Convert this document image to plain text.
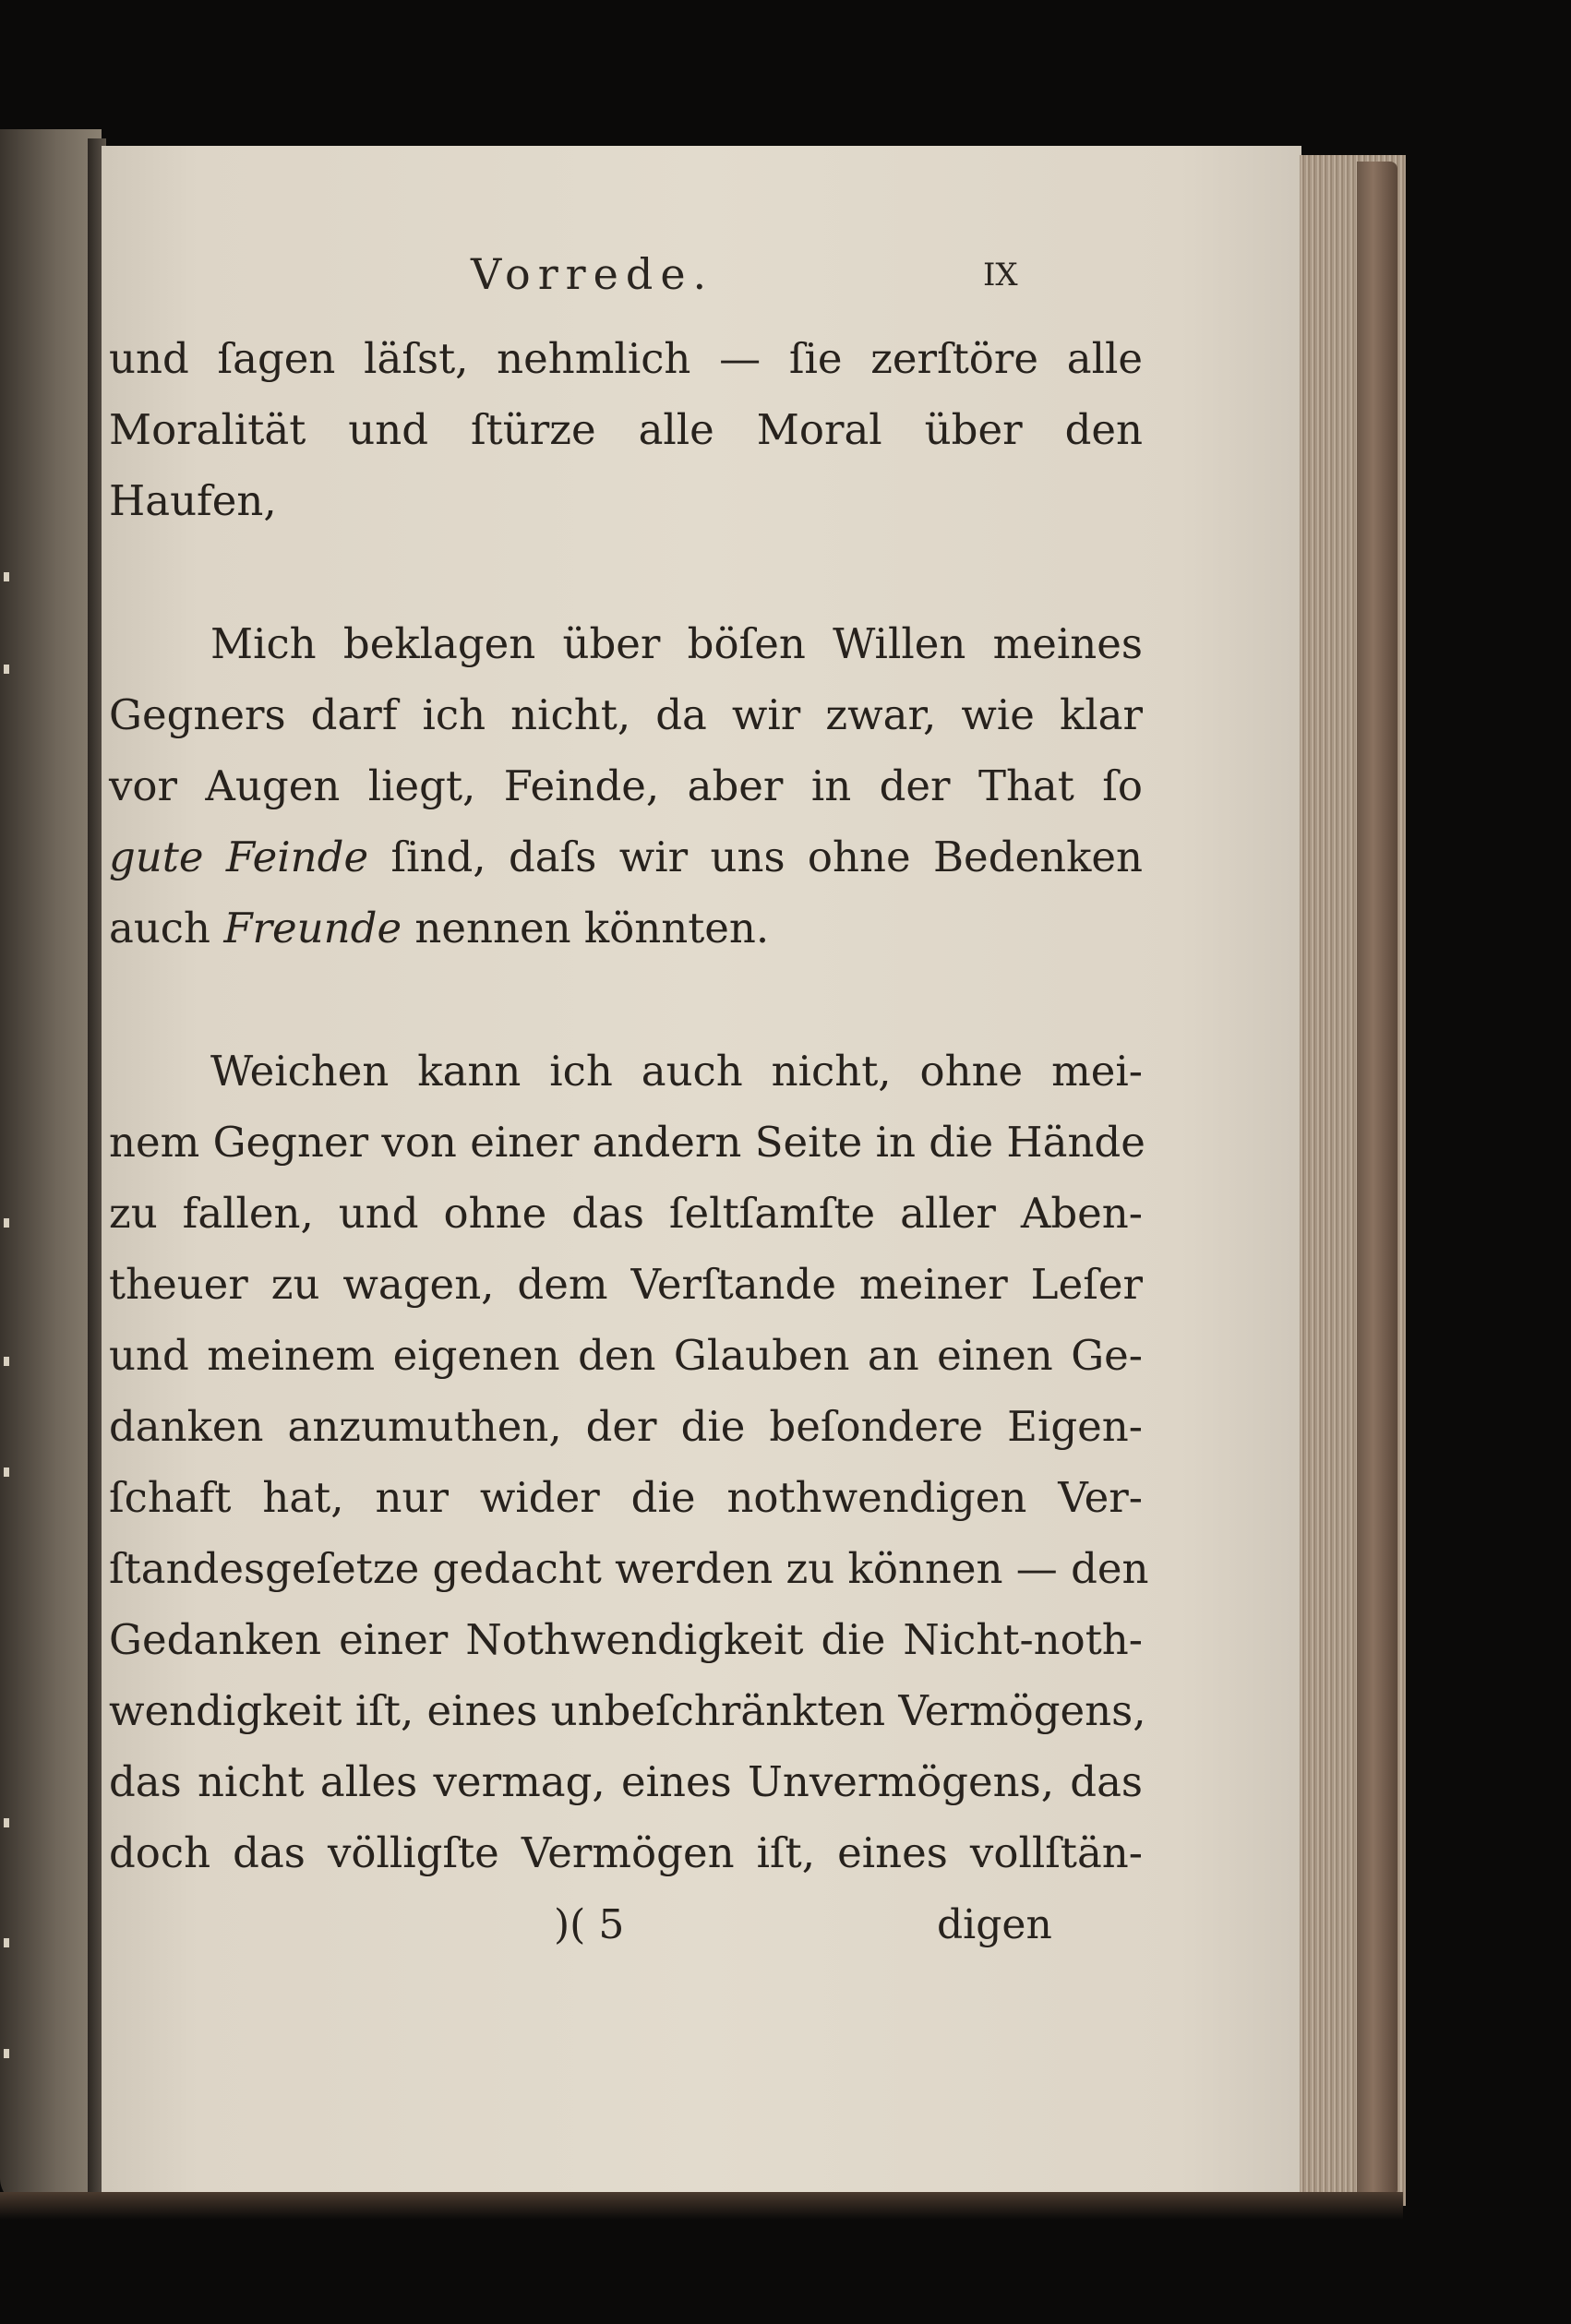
Vorrede.	IX
und ſagen läſst, nehmlich — ſie zerſtöre alle
Moralität und ſtürze alle Moral über den
Haufen,
Mich beklagen über böſen Willen meines
Gegners darf ich nicht, da wir zwar, wie klar
vor Augen liegt, Feinde, aber in der That ſo
gute Feinde ſind, daſs wir uns ohne Bedenken
auch Freunde nennen könnten.
Weichen kann ich auch nicht, ohne mei-
nem Gegner von einer andern Seite in die Hände
zu fallen, und ohne das ſeltſamſte aller Aben-
theuer zu wagen, dem Verſtande meiner Leſer
und meinem eigenen den Glauben an einen Ge-
danken anzumuthen, der die beſondere Eigen-
ſchaft hat, nur wider die nothwendigen Ver-
ſtandesgeſetze gedacht werden zu können — den
Gedanken einer Nothwendigkeit die Nicht-noth-
wendigkeit iſt, eines unbeſchränkten Vermögens,
das nicht alles vermag, eines Unvermögens, das
doch das völligſte Vermögen iſt, eines vollſtän-
)( 5	digen
